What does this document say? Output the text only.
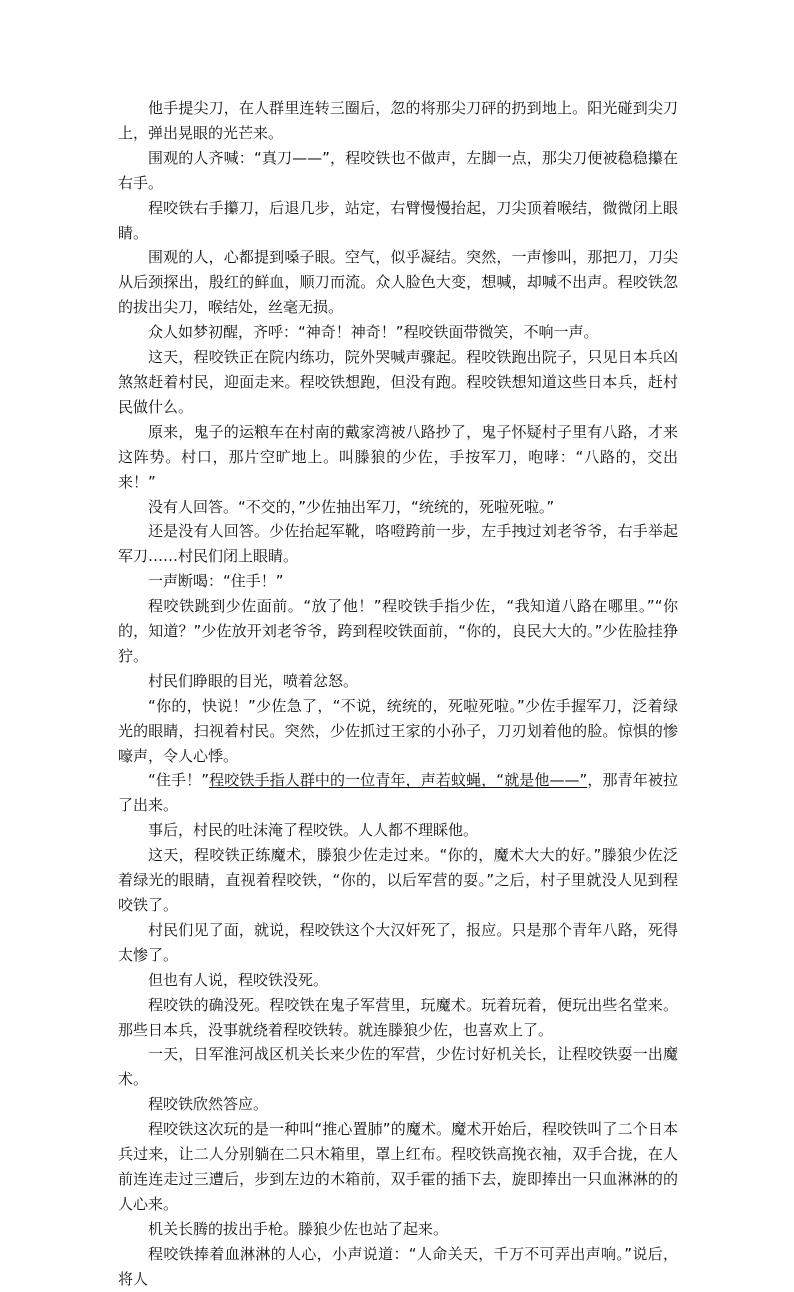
他手提尖刀，在人群里连转三圈后，忽的将那尖刀砰的扔到地上。阳光碰到尖刀上，弹出晃眼的光芒来。

围观的人齐喊：“真刀——”，程咬铁也不做声，左脚一点，那尖刀便被稳稳攥在右手。

程咬铁右手攥刀，后退几步，站定，右臂慢慢抬起，刀尖顶着喉结，微微闭上眼睛。

围观的人，心都提到嗓子眼。空气，似乎凝结。突然，一声惨叫，那把刀，刀尖从后颈探出，殷红的鲜血，顺刀而流。众人脸色大变，想喊，却喊不出声。程咬铁忽的拔出尖刀，喉结处，丝毫无损。

众人如梦初醒，齐呼：“神奇！神奇！”程咬铁面带微笑，不响一声。

这天，程咬铁正在院内练功，院外哭喊声骤起。程咬铁跑出院子，只见日本兵凶煞煞赶着村民，迎面走来。程咬铁想跑，但没有跑。程咬铁想知道这些日本兵，赶村民做什么。

原来，鬼子的运粮车在村南的戴家湾被八路抄了，鬼子怀疑村子里有八路，才来这阵势。村口，那片空旷地上。叫滕狼的少佐，手按军刀，咆哮：“八路的，交出来！”

没有人回答。“不交的，”少佐抽出军刀，“统统的，死啦死啦。”

还是没有人回答。少佐抬起军靴，咯噔跨前一步，左手拽过刘老爷爷，右手举起军刀……村民们闭上眼睛。

一声断喝：“住手！”

程咬铁跳到少佐面前。“放了他！”程咬铁手指少佐，“我知道八路在哪里。”“你的，知道？”少佐放开刘老爷爷，跨到程咬铁面前，“你的，良民大大的。”少佐脸挂狰狞。

村民们睁眼的目光，喷着忿怒。

“你的，快说！”少佐急了，“不说，统统的，死啦死啦。”少佐手握军刀，泛着绿光的眼睛，扫视着村民。突然，少佐抓过王家的小孙子，刀刃划着他的脸。惊惧的惨嚎声，令人心悸。

“住手！”程咬铁手指人群中的一位青年，声若蚊蝇，“就是他——”，那青年被拉了出来。

事后，村民的吐沫淹了程咬铁。人人都不理睬他。

这天，程咬铁正练魔术，滕狼少佐走过来。“你的，魔术大大的好。”滕狼少佐泛着绿光的眼睛，直视着程咬铁，“你的，以后军营的耍。”之后，村子里就没人见到程咬铁了。

村民们见了面，就说，程咬铁这个大汉奸死了，报应。只是那个青年八路，死得太惨了。

但也有人说，程咬铁没死。

程咬铁的确没死。程咬铁在鬼子军营里，玩魔术。玩着玩着，便玩出些名堂来。那些日本兵，没事就绕着程咬铁转。就连滕狼少佐，也喜欢上了。

一天，日军淮河战区机关长来少佐的军营，少佐讨好机关长，让程咬铁耍一出魔术。

程咬铁欣然答应。

程咬铁这次玩的是一种叫“推心置肺”的魔术。魔术开始后，程咬铁叫了二个日本兵过来，让二人分别躺在二只木箱里，罩上红布。程咬铁高挽衣袖，双手合拢，在人前连连走过三遭后，步到左边的木箱前，双手霍的插下去，旋即捧出一只血淋淋的的人心来。

机关长腾的拔出手枪。滕狼少佐也站了起来。

程咬铁捧着血淋淋的人心，小声说道：“人命关天，千万不可弄出声响。”说后，将人
